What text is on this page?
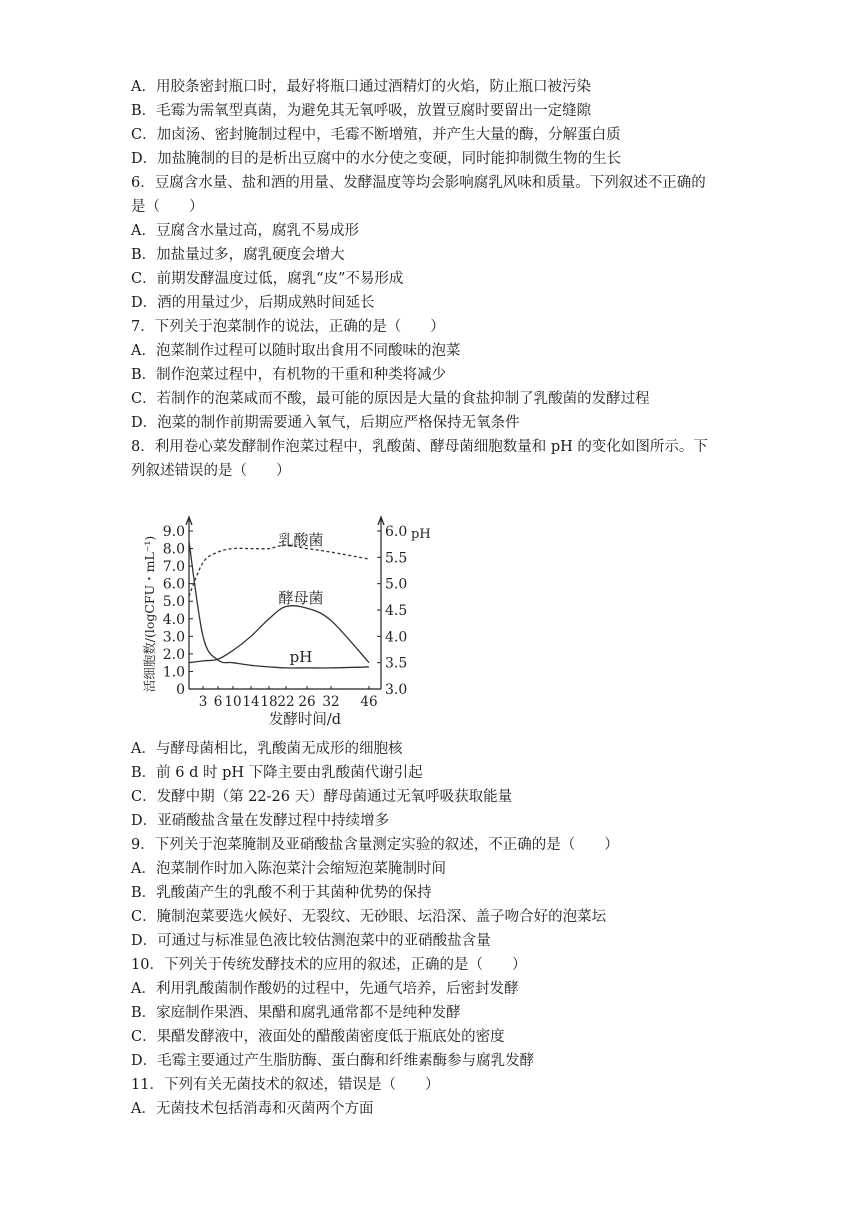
A．用胶条密封瓶口时，最好将瓶口通过酒精灯的火焰，防止瓶口被污染
B．毛霉为需氧型真菌，为避免其无氧呼吸，放置豆腐时要留出一定缝隙
C．加卤汤、密封腌制过程中，毛霉不断增殖，并产生大量的酶，分解蛋白质
D．加盐腌制的目的是析出豆腐中的水分使之变硬，同时能抑制微生物的生长
6．豆腐含水量、盐和酒的用量、发酵温度等均会影响腐乳风味和质量。下列叙述不正确的
是（　　）
A．豆腐含水量过高，腐乳不易成形
B．加盐量过多，腐乳硬度会增大
C．前期发酵温度过低，腐乳“皮”不易形成
D．酒的用量过少，后期成熟时间延长
7．下列关于泡菜制作的说法，正确的是（　　）
A．泡菜制作过程可以随时取出食用不同酸味的泡菜
B．制作泡菜过程中，有机物的干重和种类将减少
C．若制作的泡菜咸而不酸，最可能的原因是大量的食盐抑制了乳酸菌的发酵过程
D．泡菜的制作前期需要通入氧气，后期应严格保持无氧条件
8．利用卷心菜发酵制作泡菜过程中，乳酸菌、酵母菌细胞数量和 pH 的变化如图所示。下
列叙述错误的是（　　）
A．与酵母菌相比，乳酸菌无成形的细胞核
B．前 6 d 时 pH 下降主要由乳酸菌代谢引起
C．发酵中期（第 22-26 天）酵母菌通过无氧呼吸获取能量
D．亚硝酸盐含量在发酵过程中持续增多
9．下列关于泡菜腌制及亚硝酸盐含量测定实验的叙述，不正确的是（　　）
A．泡菜制作时加入陈泡菜汁会缩短泡菜腌制时间
B．乳酸菌产生的乳酸不利于其菌种优势的保持
C．腌制泡菜要选火候好、无裂纹、无砂眼、坛沿深、盖子吻合好的泡菜坛
D．可通过与标准显色液比较估测泡菜中的亚硝酸盐含量
10．下列关于传统发酵技术的应用的叙述，正确的是（　　）
A．利用乳酸菌制作酸奶的过程中，先通气培养，后密封发酵
B．家庭制作果酒、果醋和腐乳通常都不是纯种发酵
C．果醋发酵液中，液面处的醋酸菌密度低于瓶底处的密度
D．毛霉主要通过产生脂肪酶、蛋白酶和纤维素酶参与腐乳发酵
11．下列有关无菌技术的叙述，错误是（　　）
A．无菌技术包括消毒和灭菌两个方面
0
1.0
2.0
3.0
4.0
5.0
6.0
7.0
8.0
9.0
3.0
3.5
4.0
4.5
5.0
5.5
6.0 pH
3 6 10 14 18 22 26 32 46
发酵时间/d
活细胞数/(logCFU・mL⁻¹)	乳酸菌
酵母菌
pH
